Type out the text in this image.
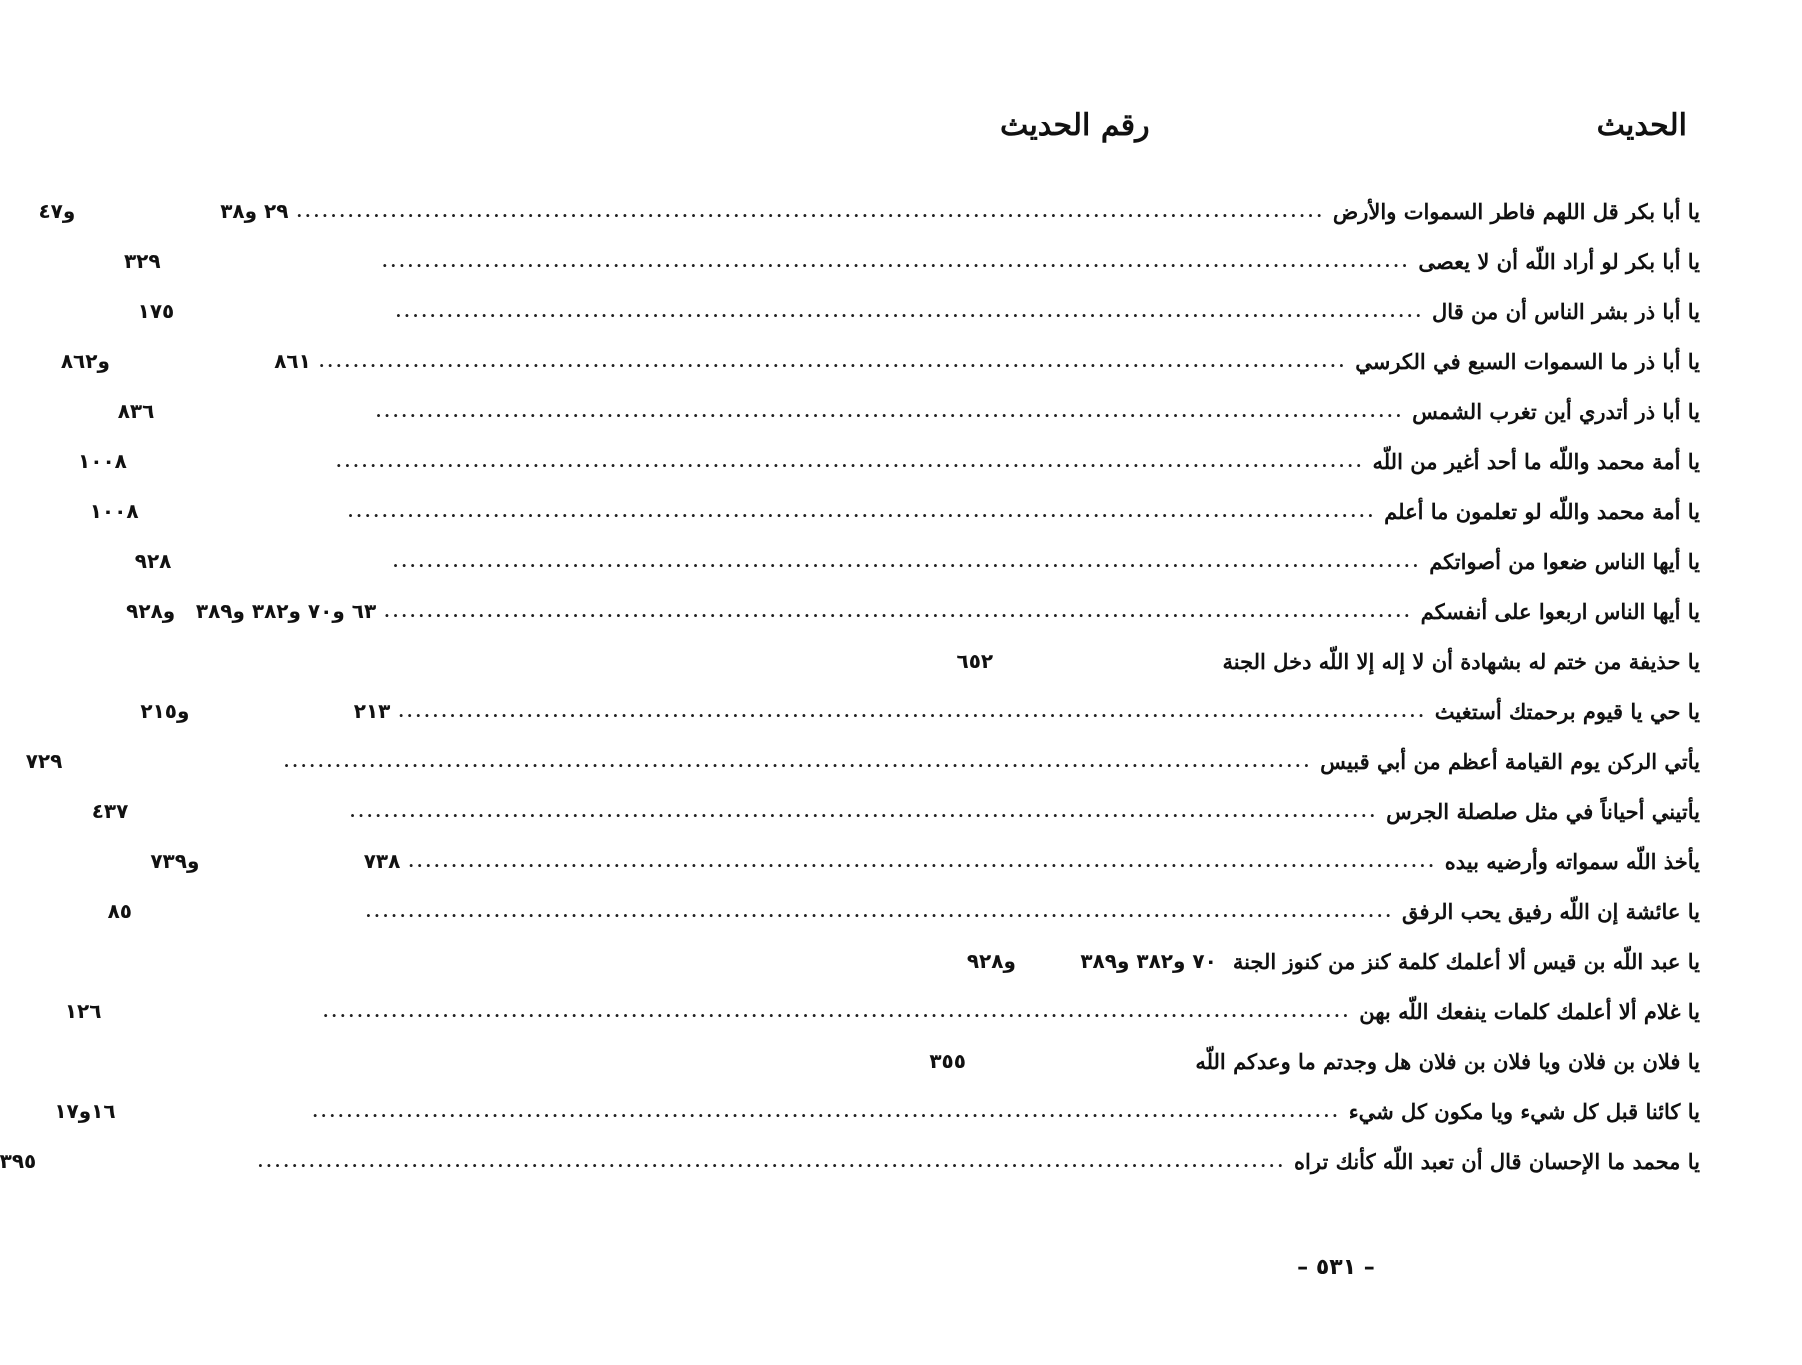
الحديث
رقم الحديث
يا أبا بكر قل اللهم فاطر السموات والأرض
........................................................................................................................
٢٩ و٣٨
و٤٧
يا أبا بكر لو أراد اللّه أن لا يعصى
........................................................................................................................
٣٢٩
يا أبا ذر بشر الناس أن من قال
........................................................................................................................
١٧٥
يا أبا ذر ما السموات السبع في الكرسي
........................................................................................................................
٨٦١
و٨٦٢
يا أبا ذر أتدري أين تغرب الشمس
........................................................................................................................
٨٣٦
يا أمة محمد واللّه ما أحد أغير من اللّه
........................................................................................................................
١٠٠٨
يا أمة محمد واللّه لو تعلمون ما أعلم
........................................................................................................................
١٠٠٨
يا أيها الناس ضعوا من أصواتكم
........................................................................................................................
٩٢٨
يا أيها الناس اربعوا على أنفسكم
........................................................................................................................
٦٣ و٧٠ و٣٨٢ و٣٨٩
و٩٢٨
يا حذيفة من ختم له بشهادة أن لا إله إلا اللّه دخل الجنة
٦٥٢
يا حي يا قيوم برحمتك أستغيث
........................................................................................................................
٢١٣
و٢١٥
يأتي الركن يوم القيامة أعظم من أبي قبيس
........................................................................................................................
٧٢٩
يأتيني أحياناً في مثل صلصلة الجرس
........................................................................................................................
٤٣٧
يأخذ اللّه سمواته وأرضيه بيده
........................................................................................................................
٧٣٨
و٧٣٩
يا عائشة إن اللّه رفيق يحب الرفق
........................................................................................................................
٨٥
يا عبد اللّه بن قيس ألا أعلمك كلمة كنز من كنوز الجنة
٧٠ و٣٨٢ و٣٨٩
و٩٢٨
يا غلام ألا أعلمك كلمات ينفعك اللّه بهن
........................................................................................................................
١٢٦
يا فلان بن فلان ويا فلان بن فلان هل وجدتم ما وعدكم اللّه
٣٥٥
يا كائنا قبل كل شيء ويا مكون كل شيء
........................................................................................................................
١٦و١٧
يا محمد ما الإحسان قال أن تعبد اللّه كأنك تراه
........................................................................................................................
٣٩٥
– ٥٣١ –
